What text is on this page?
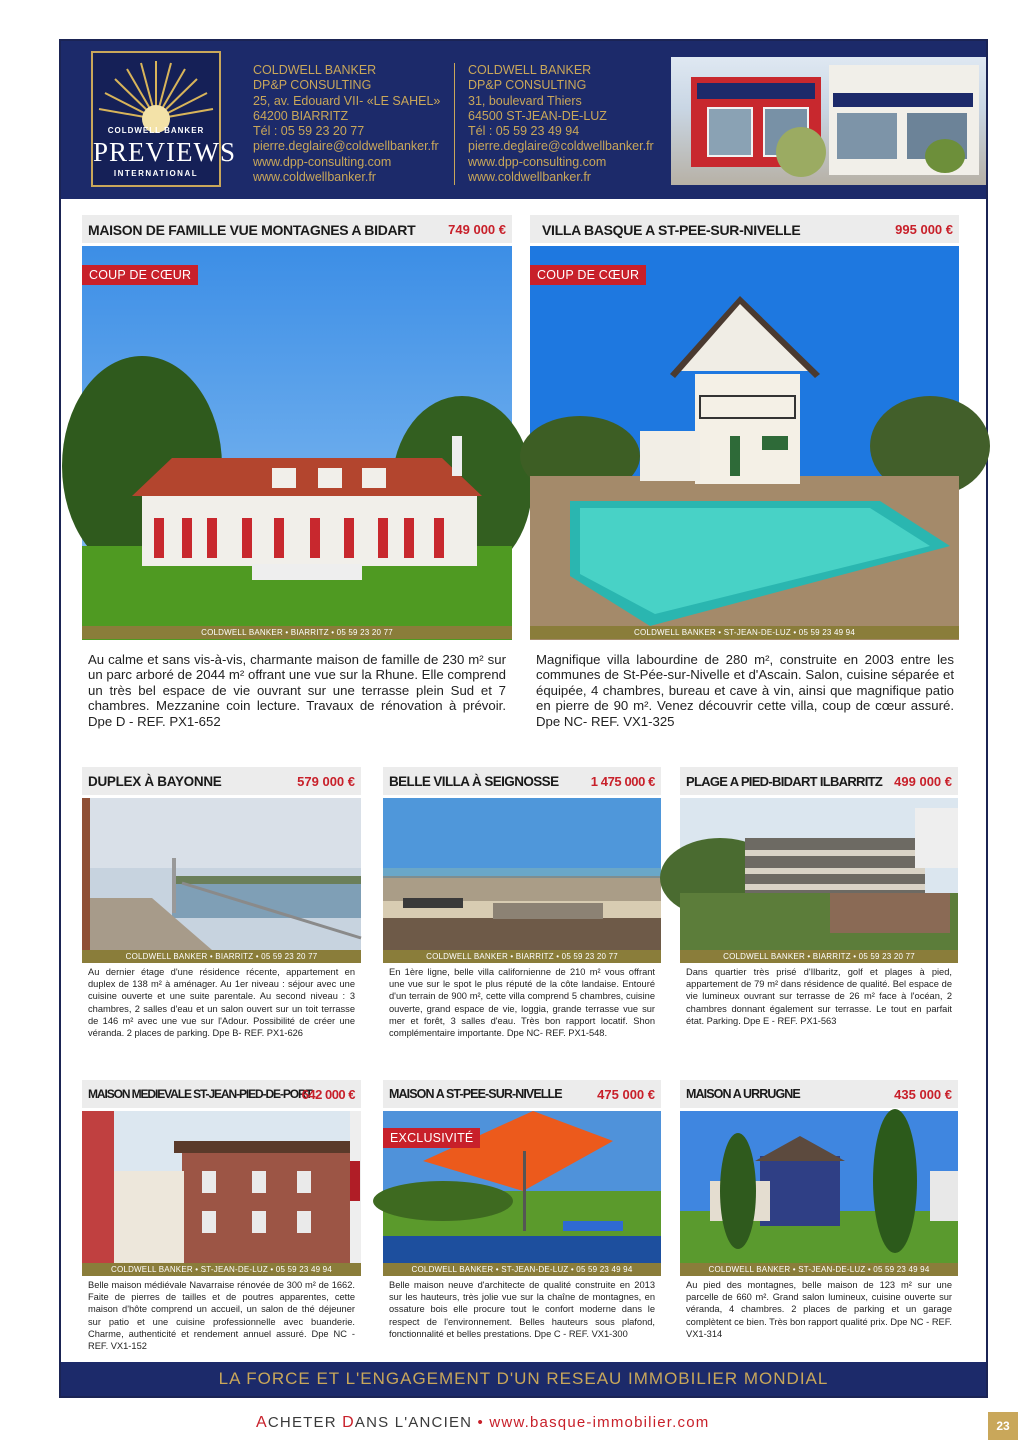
COLDWELL BANKER
PREVIEWS
INTERNATIONAL
COLDWELL BANKER
DP&P CONSULTING
25, av. Edouard VII- «LE SAHEL»
64200 BIARRITZ
Tél : 05 59 23 20 77
pierre.deglaire@coldwellbanker.fr
www.dpp-consulting.com
www.coldwellbanker.fr
COLDWELL BANKER
DP&P CONSULTING
31, boulevard Thiers
64500 ST-JEAN-DE-LUZ
Tél : 05 59 23 49 94
pierre.deglaire@coldwellbanker.fr
www.dpp-consulting.com
www.coldwellbanker.fr
MAISON DE FAMILLE VUE MONTAGNES A BIDART	749 000 €
COUP DE CŒUR
COLDWELL BANKER • BIARRITZ • 05 59 23 20 77
Au calme et sans vis-à-vis, charmante maison de famille de 230 m² sur un parc arboré de 2044 m² offrant une vue sur la Rhune. Elle comprend un très bel espace de vie ouvrant sur une terrasse plein Sud et 7 chambres. Mezzanine coin lecture. Travaux de rénovation à prévoir. Dpe D - REF. PX1-652
VILLA BASQUE A ST-PEE-SUR-NIVELLE	995 000 €
COUP DE CŒUR
COLDWELL BANKER • ST-JEAN-DE-LUZ • 05 59 23 49 94
Magnifique villa labourdine de 280 m², construite en 2003 entre les communes de St-Pée-sur-Nivelle et d'Ascain. Salon, cuisine séparée et équipée, 4 chambres, bureau et cave à vin, ainsi que magnifique patio en pierre de 90 m². Venez découvrir cette villa, coup de cœur assuré. Dpe NC- REF. VX1-325
DUPLEX À BAYONNE	579 000 €
COLDWELL BANKER • BIARRITZ • 05 59 23 20 77
Au dernier étage d'une résidence récente, appartement en duplex de 138 m² à aménager. Au 1er niveau : séjour avec une cuisine ouverte et une suite parentale. Au second niveau : 3 chambres, 2 salles d'eau et un salon ouvert sur un toit terrasse de 146 m² avec une vue sur l'Adour. Possibilité de créer une véranda. 2 places de parking. Dpe B- REF. PX1-626
BELLE VILLA À SEIGNOSSE 1 475 000 €
COLDWELL BANKER • BIARRITZ • 05 59 23 20 77
En 1ère ligne, belle villa californienne de 210 m² vous offrant une vue sur le spot le plus réputé de la côte landaise. Entouré d'un terrain de 900 m², cette villa comprend 5 chambres, cuisine ouverte, grand espace de vie, loggia, grande terrasse vue sur mer et forêt, 3 salles d'eau. Très bon rapport locatif. Shon complémentaire importante. Dpe NC- REF. PX1-548.
PLAGE A PIED-BIDART ILBARRITZ 499 000 €
COLDWELL BANKER • BIARRITZ • 05 59 23 20 77
Dans quartier très prisé d'Ilbaritz, golf et plages à pied, appartement de 79 m² dans résidence de qualité. Bel espace de vie lumineux ouvrant sur terrasse de 26 m² face à l'océan, 2 chambres donnant également sur terrasse. Le tout en parfait état. Parking. Dpe E - REF. PX1-563
MAISON MEDIEVALE ST-JEAN-PIED-DE-PORT
642 000 €
COLDWELL BANKER • ST-JEAN-DE-LUZ • 05 59 23 49 94
Belle maison médiévale Navarraise rénovée de 300 m² de 1662. Faite de pierres de tailles et de poutres apparentes, cette maison d'hôte comprend un accueil, un salon de thé déjeuner sur patio et une cuisine professionnelle avec buanderie. Charme, authenticité et rendement annuel assuré. Dpe NC - REF. VX1-152
MAISON A ST-PEE-SUR-NIVELLE	475 000 €
EXCLUSIVITÉ
COLDWELL BANKER • ST-JEAN-DE-LUZ • 05 59 23 49 94
Belle maison neuve d'architecte de qualité construite en 2013 sur les hauteurs, très jolie vue sur la chaîne de montagnes, en ossature bois elle procure tout le confort moderne dans le respect de l'environnement. Belles hauteurs sous plafond, fonctionnalité et belles prestations. Dpe C - REF. VX1-300
MAISON A URRUGNE	435 000 €
COLDWELL BANKER • ST-JEAN-DE-LUZ • 05 59 23 49 94
Au pied des montagnes, belle maison de 123 m² sur une parcelle de 660 m². Grand salon lumineux, cuisine ouverte sur véranda, 4 chambres. 2 places de parking et un garage complètent ce bien. Très bon rapport qualité prix. Dpe NC - REF. VX1-314
LA FORCE ET L'ENGAGEMENT D'UN RESEAU IMMOBILIER MONDIAL
ACHETER DANS L'ANCIEN • www.basque-immobilier.com	23
